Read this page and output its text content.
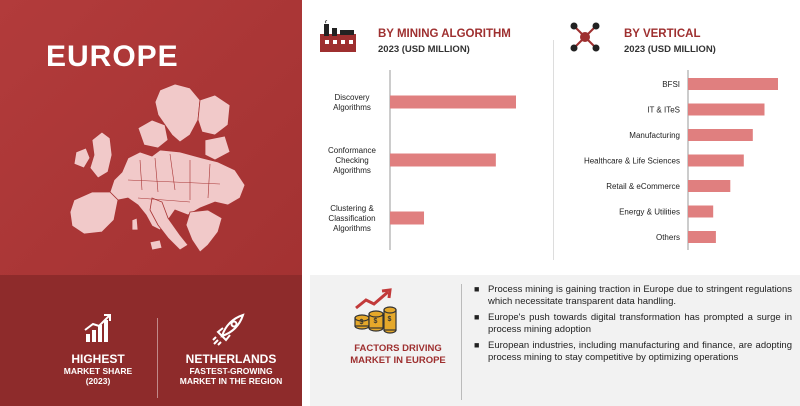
EUROPE
HIGHEST
MARKET SHARE
(2023)
NETHERLANDS
FASTEST-GROWING
MARKET IN THE REGION
BY MINING ALGORITHM
2023 (USD MILLION)
Discovery
Algorithms
Conformance
Checking
Algorithms
Clustering &
Classification
Algorithms
BY VERTICAL
2023 (USD MILLION)
BFSI
IT & ITeS
Manufacturing
Healthcare & Life Sciences
Retail & eCommerce
Energy & Utilities
Others
$ $ $
FACTORS DRIVING
MARKET IN EUROPE
■ Process mining is gaining traction in Europe due to stringent regulations which necessitate transparent data handling.
■ Europe's push towards digital transformation has prompted a surge in process mining adoption
■ European industries, including manufacturing and finance, are adopting process mining to stay competitive by optimizing operations
